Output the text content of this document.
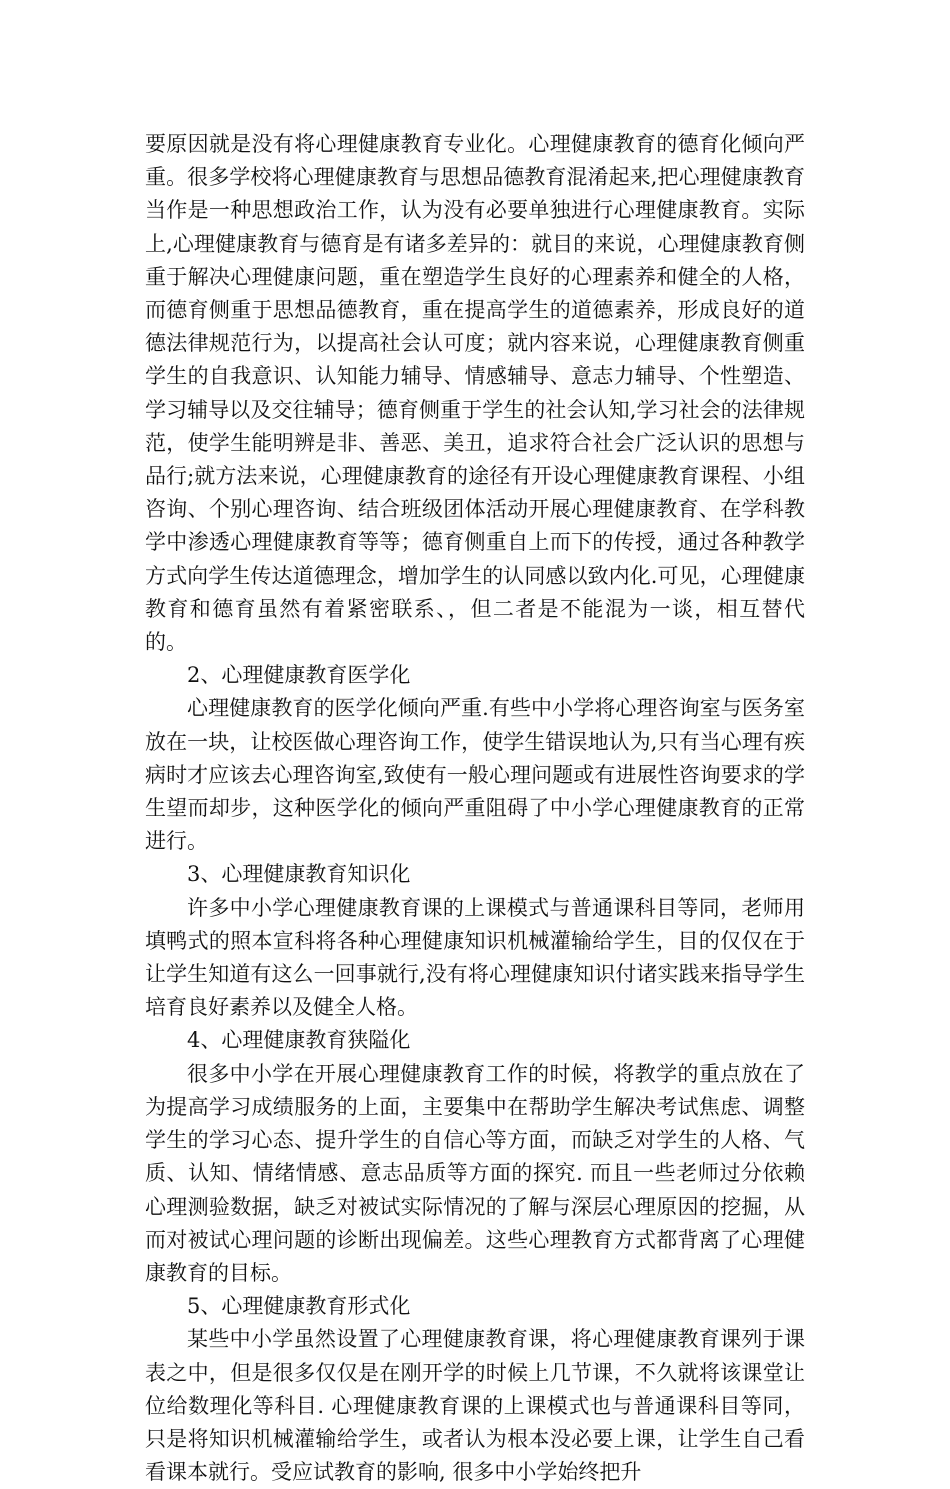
要原因就是没有将心理健康教育专业化。心理健康教育的德育化倾向严重。很多学校将心理健康教育与思想品德教育混淆起来,把心理健康教育当作是一种思想政治工作，认为没有必要单独进行心理健康教育。实际上,心理健康教育与德育是有诸多差异的：就目的来说，心理健康教育侧重于解决心理健康问题，重在塑造学生良好的心理素养和健全的人格，而德育侧重于思想品德教育，重在提高学生的道德素养，形成良好的道德法律规范行为，以提高社会认可度；就内容来说，心理健康教育侧重学生的自我意识、认知能力辅导、情感辅导、意志力辅导、个性塑造、学习辅导以及交往辅导；德育侧重于学生的社会认知,学习社会的法律规范，使学生能明辨是非、善恶、美丑，追求符合社会广泛认识的思想与品行;就方法来说，心理健康教育的途径有开设心理健康教育课程、小组咨询、个别心理咨询、结合班级团体活动开展心理健康教育、在学科教学中渗透心理健康教育等等；德育侧重自上而下的传授，通过各种教学方式向学生传达道德理念，增加学生的认同感以致内化.可见，心理健康教育和德育虽然有着紧密联系、，但二者是不能混为一谈，相互替代的。

2、心理健康教育医学化

心理健康教育的医学化倾向严重.有些中小学将心理咨询室与医务室放在一块，让校医做心理咨询工作，使学生错误地认为,只有当心理有疾病时才应该去心理咨询室,致使有一般心理问题或有进展性咨询要求的学生望而却步，这种医学化的倾向严重阻碍了中小学心理健康教育的正常进行。

3、心理健康教育知识化

许多中小学心理健康教育课的上课模式与普通课科目等同，老师用填鸭式的照本宣科将各种心理健康知识机械灌输给学生，目的仅仅在于让学生知道有这么一回事就行,没有将心理健康知识付诸实践来指导学生培育良好素养以及健全人格。

4、心理健康教育狭隘化

很多中小学在开展心理健康教育工作的时候，将教学的重点放在了为提高学习成绩服务的上面，主要集中在帮助学生解决考试焦虑、调整学生的学习心态、提升学生的自信心等方面，而缺乏对学生的人格、气质、认知、情绪情感、意志品质等方面的探究. 而且一些老师过分依赖心理测验数据，缺乏对被试实际情况的了解与深层心理原因的挖掘，从而对被试心理问题的诊断出现偏差。这些心理教育方式都背离了心理健康教育的目标。

5、心理健康教育形式化

某些中小学虽然设置了心理健康教育课，将心理健康教育课列于课表之中，但是很多仅仅是在刚开学的时候上几节课，不久就将该课堂让位给数理化等科目. 心理健康教育课的上课模式也与普通课科目等同，只是将知识机械灌输给学生，或者认为根本没必要上课，让学生自己看看课本就行。受应试教育的影响, 很多中小学始终把升
